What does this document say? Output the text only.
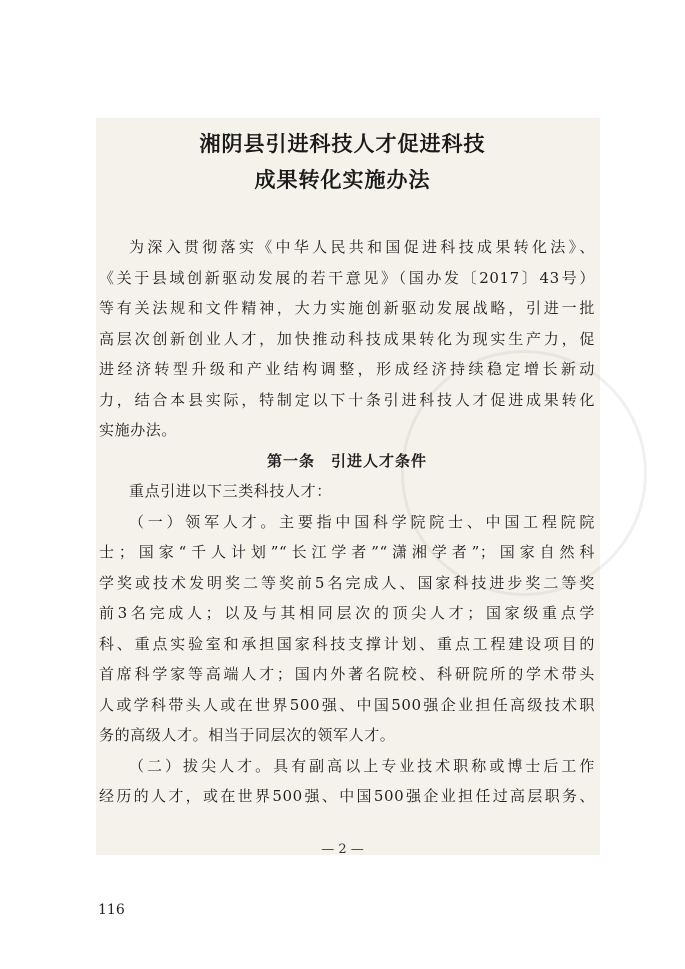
湘阴县引进科技人才促进科技
成果转化实施办法
为深入贯彻落实《中华人民共和国促进科技成果转化法》、
《关于县域创新驱动发展的若干意见》（国办发〔2017〕43号）
等有关法规和文件精神，大力实施创新驱动发展战略，引进一批
高层次创新创业人才，加快推动科技成果转化为现实生产力，促
进经济转型升级和产业结构调整，形成经济持续稳定增长新动
力，结合本县实际，特制定以下十条引进科技人才促进成果转化
实施办法。
第一条　引进人才条件
重点引进以下三类科技人才：
（一）领军人才。主要指中国科学院院士、中国工程院院
士；国家“千人计划”“长江学者”“潇湘学者”；国家自然科
学奖或技术发明奖二等奖前5名完成人、国家科技进步奖二等奖
前3名完成人；以及与其相同层次的顶尖人才；国家级重点学
科、重点实验室和承担国家科技支撑计划、重点工程建设项目的
首席科学家等高端人才；国内外著名院校、科研院所的学术带头
人或学科带头人或在世界500强、中国500强企业担任高级技术职
务的高级人才。相当于同层次的领军人才。
（二）拔尖人才。具有副高以上专业技术职称或博士后工作
经历的人才，或在世界500强、中国500强企业担任过高层职务、
— 2 —
116
